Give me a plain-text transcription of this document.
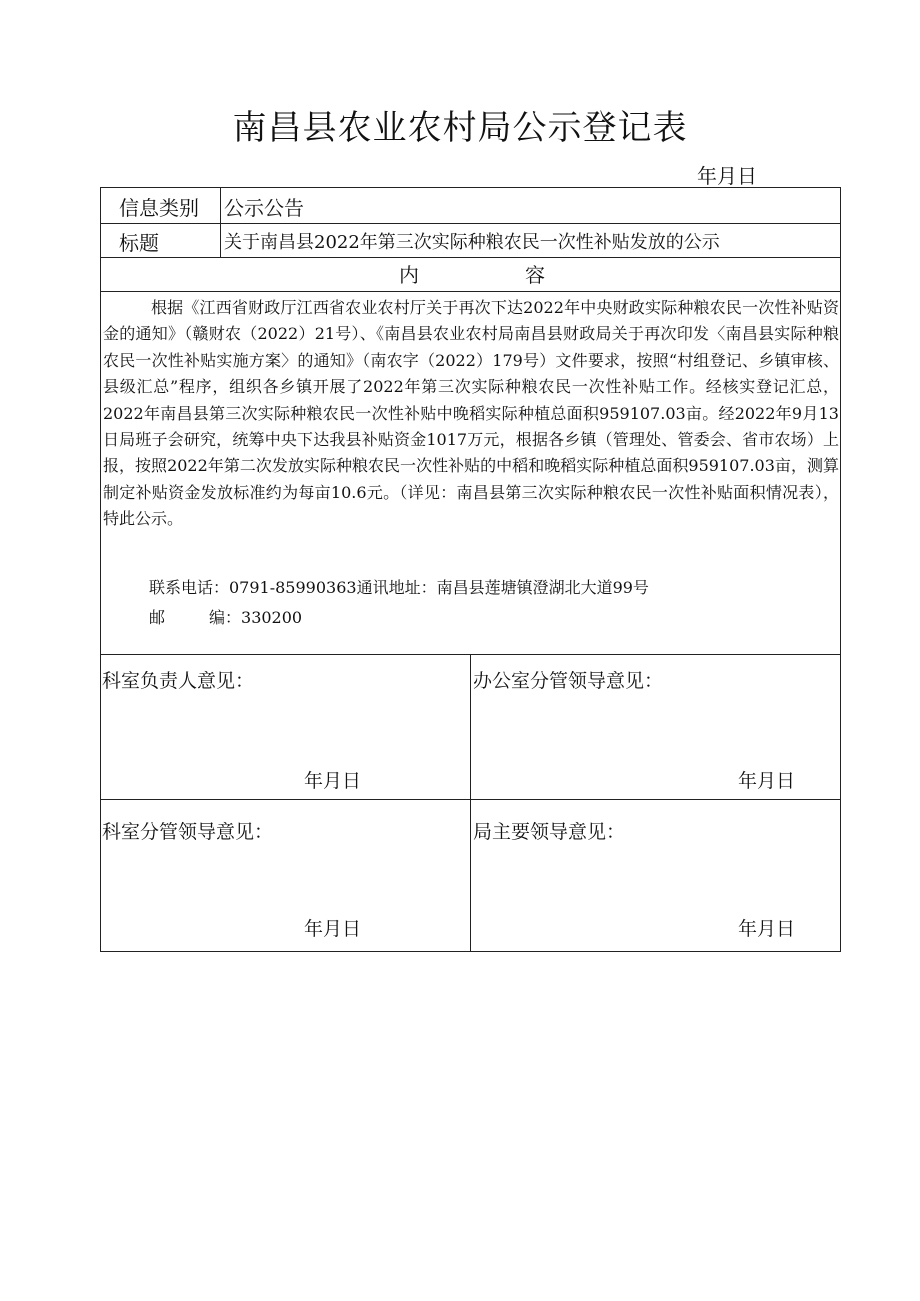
南昌县农业农村局公示登记表
年月日
信息类别 公示公告
标题	关于南昌县2022年第三次实际种粮农民一次性补贴发放的公示
内	容

根据《江西省财政厅江西省农业农村厅关于再次下达2022年中央财政实际种粮农民一次性补贴资金的通知》（赣财农（2022）21号）、《南昌县农业农村局南昌县财政局关于再次印发〈南昌县实际种粮农民一次性补贴实施方案〉的通知》（南农字（2022）179号）文件要求，按照“村组登记、乡镇审核、县级汇总”程序，组织各乡镇开展了2022年第三次实际种粮农民一次性补贴工作。经核实登记汇总，2022年南昌县第三次实际种粮农民一次性补贴中晚稻实际种植总面积959107.03亩。经2022年9月13日局班子会研究，统筹中央下达我县补贴资金1017万元，根据各乡镇（管理处、管委会、省市农场）上报，按照2022年第二次发放实际种粮农民一次性补贴的中稻和晚稻实际种植总面积959107.03亩，测算制定补贴资金发放标准约为每亩10.6元。（详见：南昌县第三次实际种粮农民一次性补贴面积情况表），特此公示。

联系电话：0791-85990363通讯地址：南昌县莲塘镇澄湖北大道99号
邮	编：330200
科室负责人意见：	办公室分管领导意见：
年月日	年月日
科室分管领导意见：	局主要领导意见：
年月日	年月日
